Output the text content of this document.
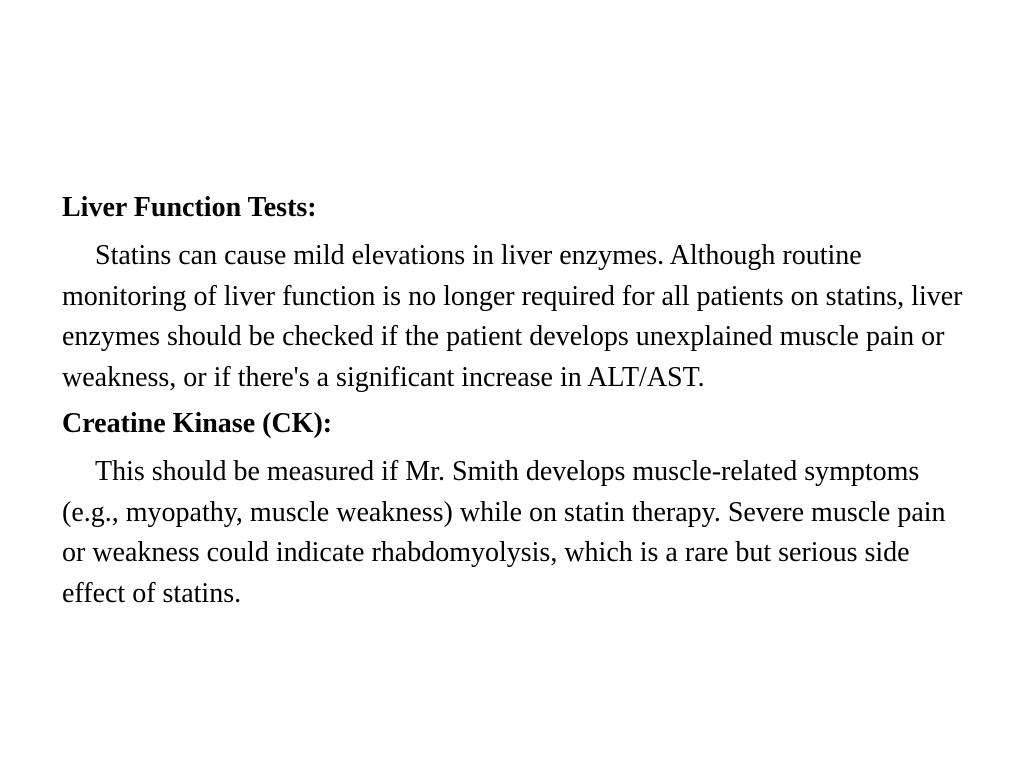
Liver Function Tests:

Statins can cause mild elevations in liver enzymes. Although routine monitoring of liver function is no longer required for all patients on statins, liver enzymes should be checked if the patient develops unexplained muscle pain or weakness, or if there's a significant increase in ALT/AST.

Creatine Kinase (CK):

This should be measured if Mr. Smith develops muscle-related symptoms (e.g., myopathy, muscle weakness) while on statin therapy. Severe muscle pain or weakness could indicate rhabdomyolysis, which is a rare but serious side effect of statins.
